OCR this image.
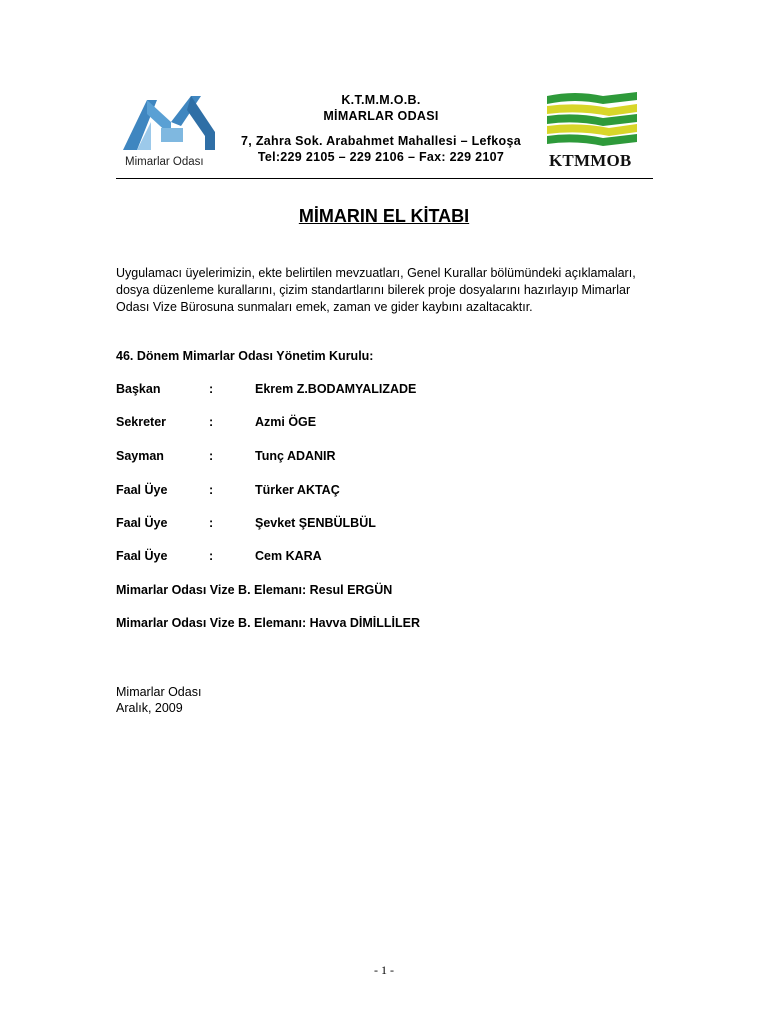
Mimarlar Odası
K.T.M.M.O.B.
MİMARLAR ODASI
7, Zahra Sok. Arabahmet Mahallesi – Lefkoşa
Tel:229 2105 – 229 2106 – Fax: 229 2107	KTMMOB
MİMARIN EL KİTABI
Uygulamacı üyelerimizin, ekte belirtilen mevzuatları, Genel Kurallar bölümündeki açıklamaları, dosya düzenleme kurallarını, çizim standartlarını bilerek proje dosyalarını hazırlayıp Mimarlar Odası Vize Bürosuna sunmaları emek, zaman ve gider kaybını azaltacaktır.
46. Dönem Mimarlar Odası Yönetim Kurulu:
Başkan	:	Ekrem Z.BODAMYALIZADE
Sekreter	:	Azmi ÖGE
Sayman	:	Tunç ADANIR
Faal Üye	:	Türker AKTAÇ
Faal Üye	:	Şevket ŞENBÜLBÜL
Faal Üye	:	Cem KARA
Mimarlar Odası Vize B. Elemanı: Resul ERGÜN
Mimarlar Odası Vize B. Elemanı: Havva DİMİLLİLER
Mimarlar Odası
Aralık, 2009
- 1 -
